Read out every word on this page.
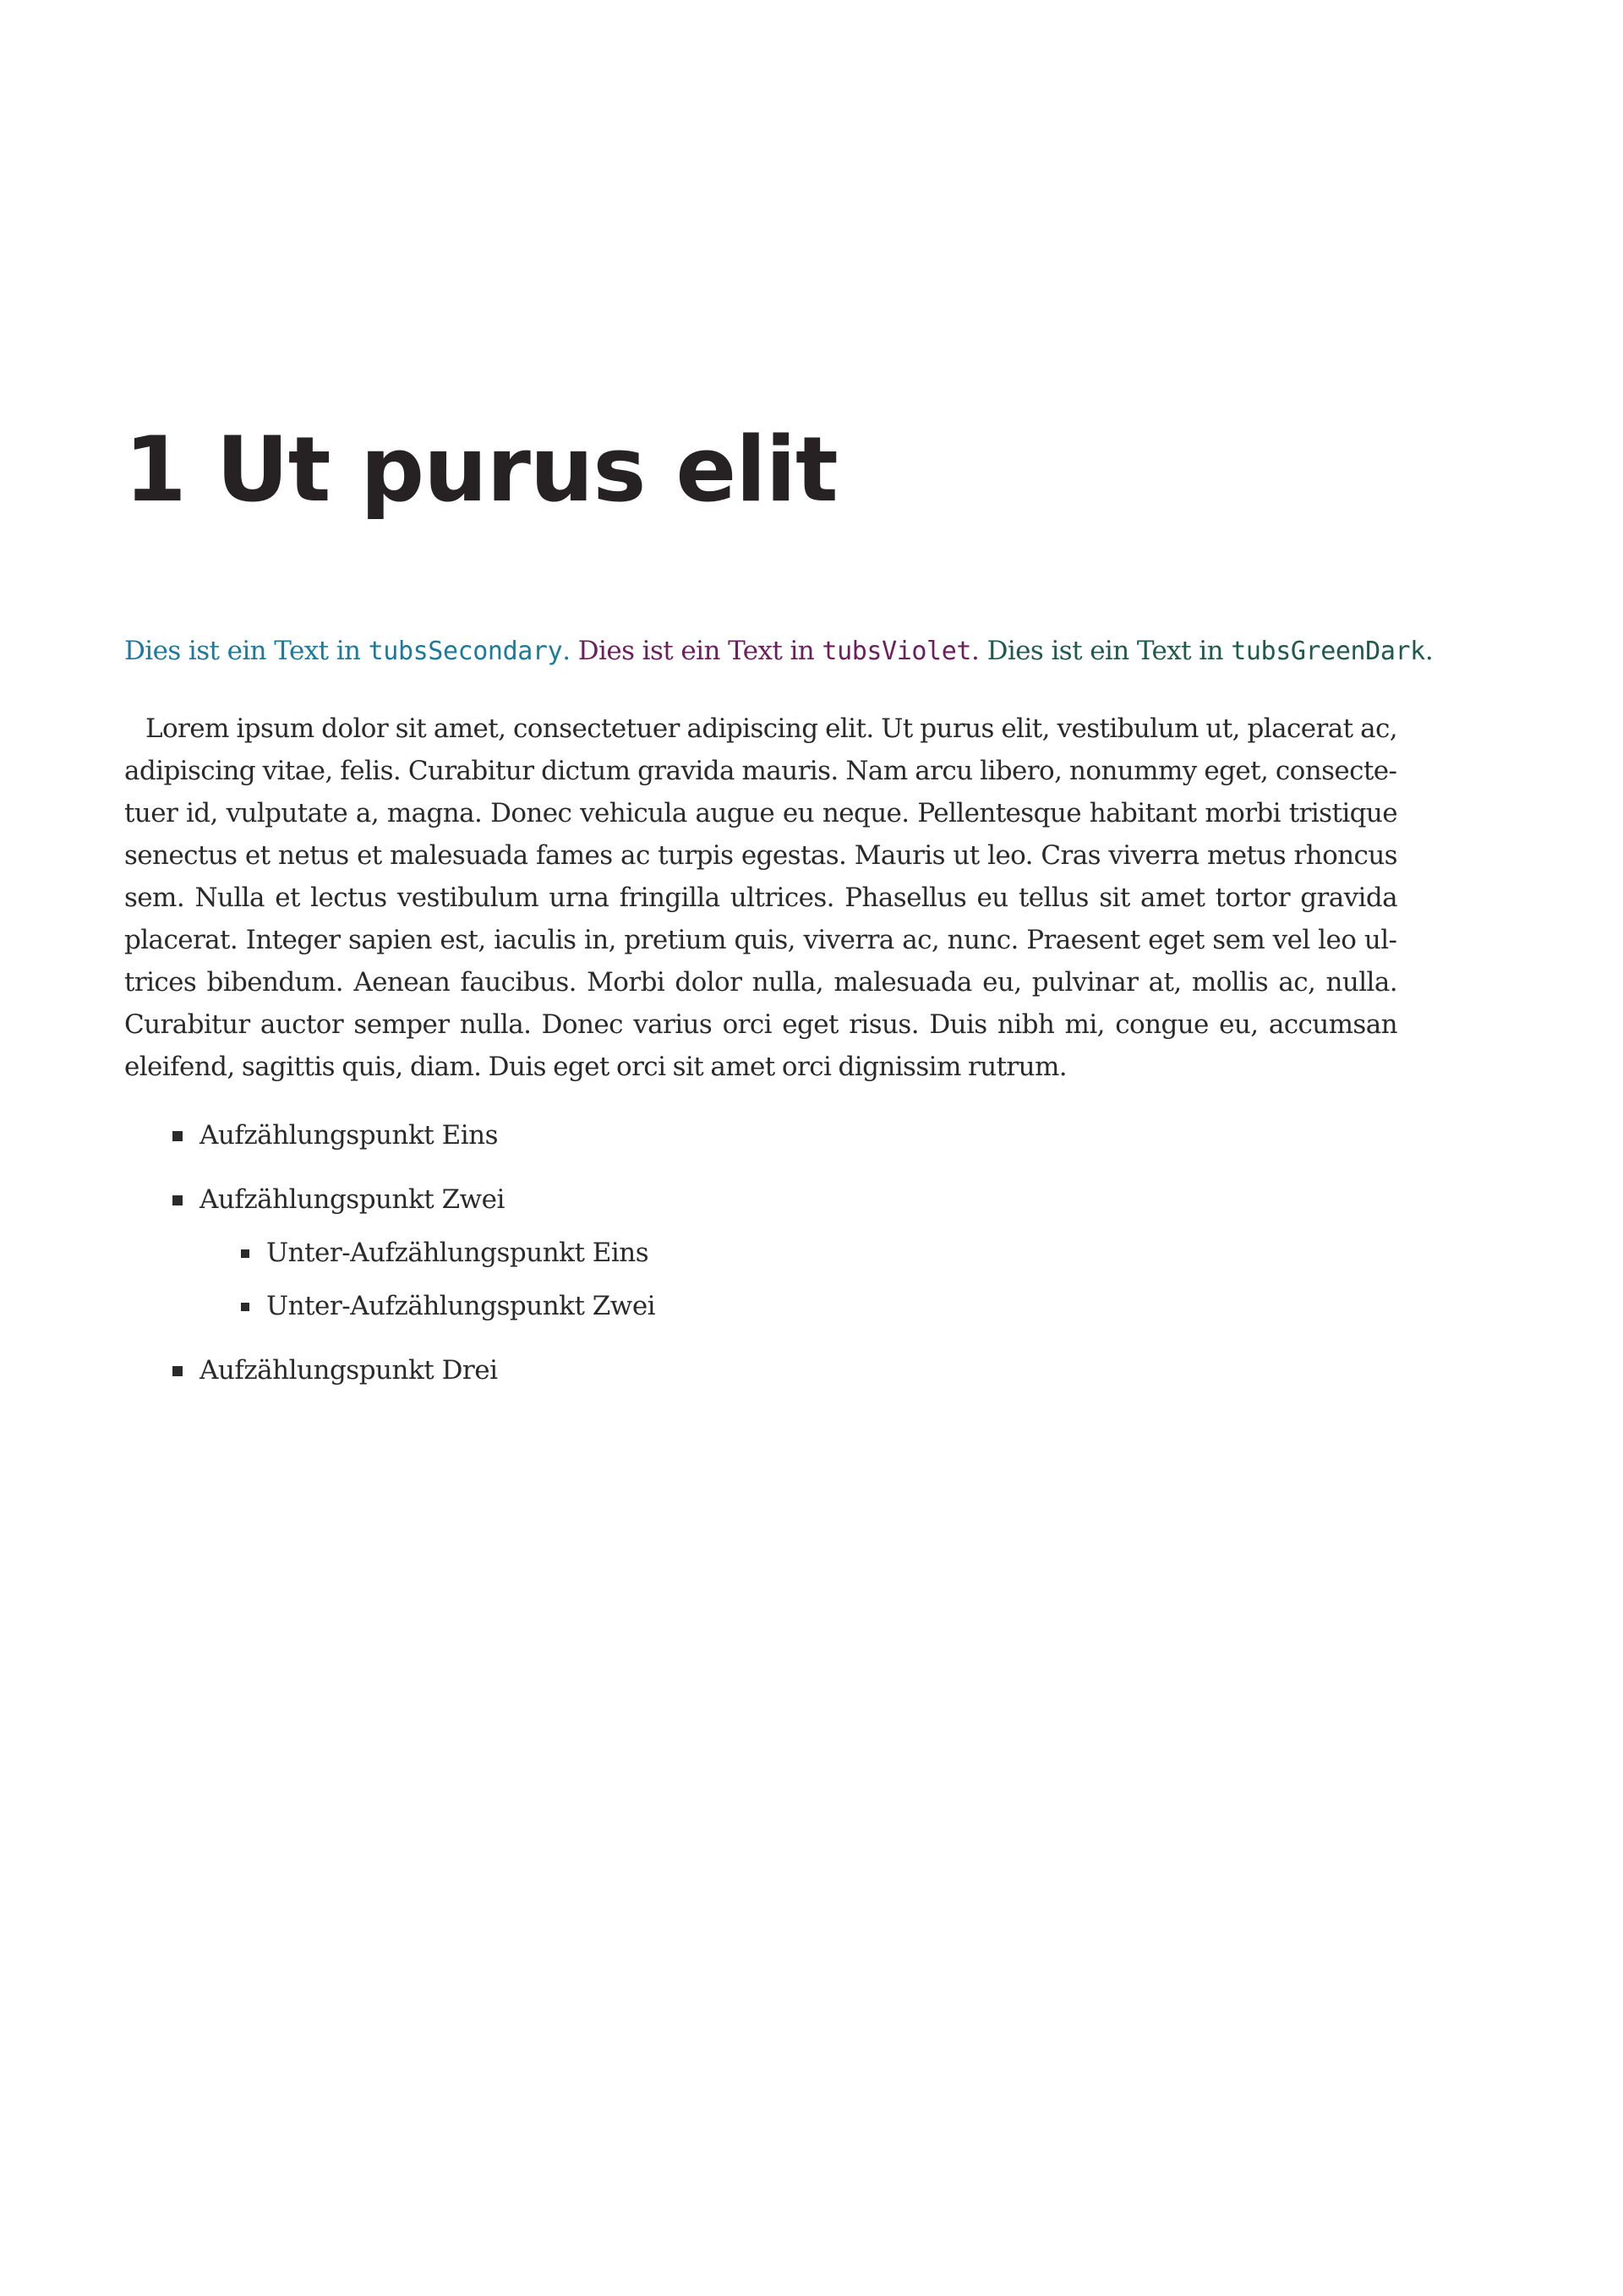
1 Ut purus elit

Dies ist ein Text in tubsSecondary. Dies ist ein Text in tubsViolet. Dies ist ein Text in tubsGreenDark.

Lorem ipsum dolor sit amet, consectetuer adipiscing elit. Ut purus elit, vestibulum ut, placerat ac, adipiscing vitae, felis. Curabitur dictum gravida mauris. Nam arcu libero, nonummy eget, consectetuer id, vulputate a, magna. Donec vehicula augue eu neque. Pellentesque habitant morbi tristique senectus et netus et malesuada fames ac turpis egestas. Mauris ut leo. Cras viverra metus rhoncus sem. Nulla et lectus vestibulum urna fringilla ultrices. Phasellus eu tellus sit amet tortor gravida placerat. Integer sapien est, iaculis in, pretium quis, viverra ac, nunc. Praesent eget sem vel leo ultrices bibendum. Aenean faucibus. Morbi dolor nulla, malesuada eu, pulvinar at, mollis ac, nulla. Curabitur auctor semper nulla. Donec varius orci eget risus. Duis nibh mi, congue eu, accumsan eleifend, sagittis quis, diam. Duis eget orci sit amet orci dignissim rutrum.

Aufzählungspunkt Eins
Aufzählungspunkt Zwei
Unter-Aufzählungspunkt Eins
Unter-Aufzählungspunkt Zwei
Aufzählungspunkt Drei
